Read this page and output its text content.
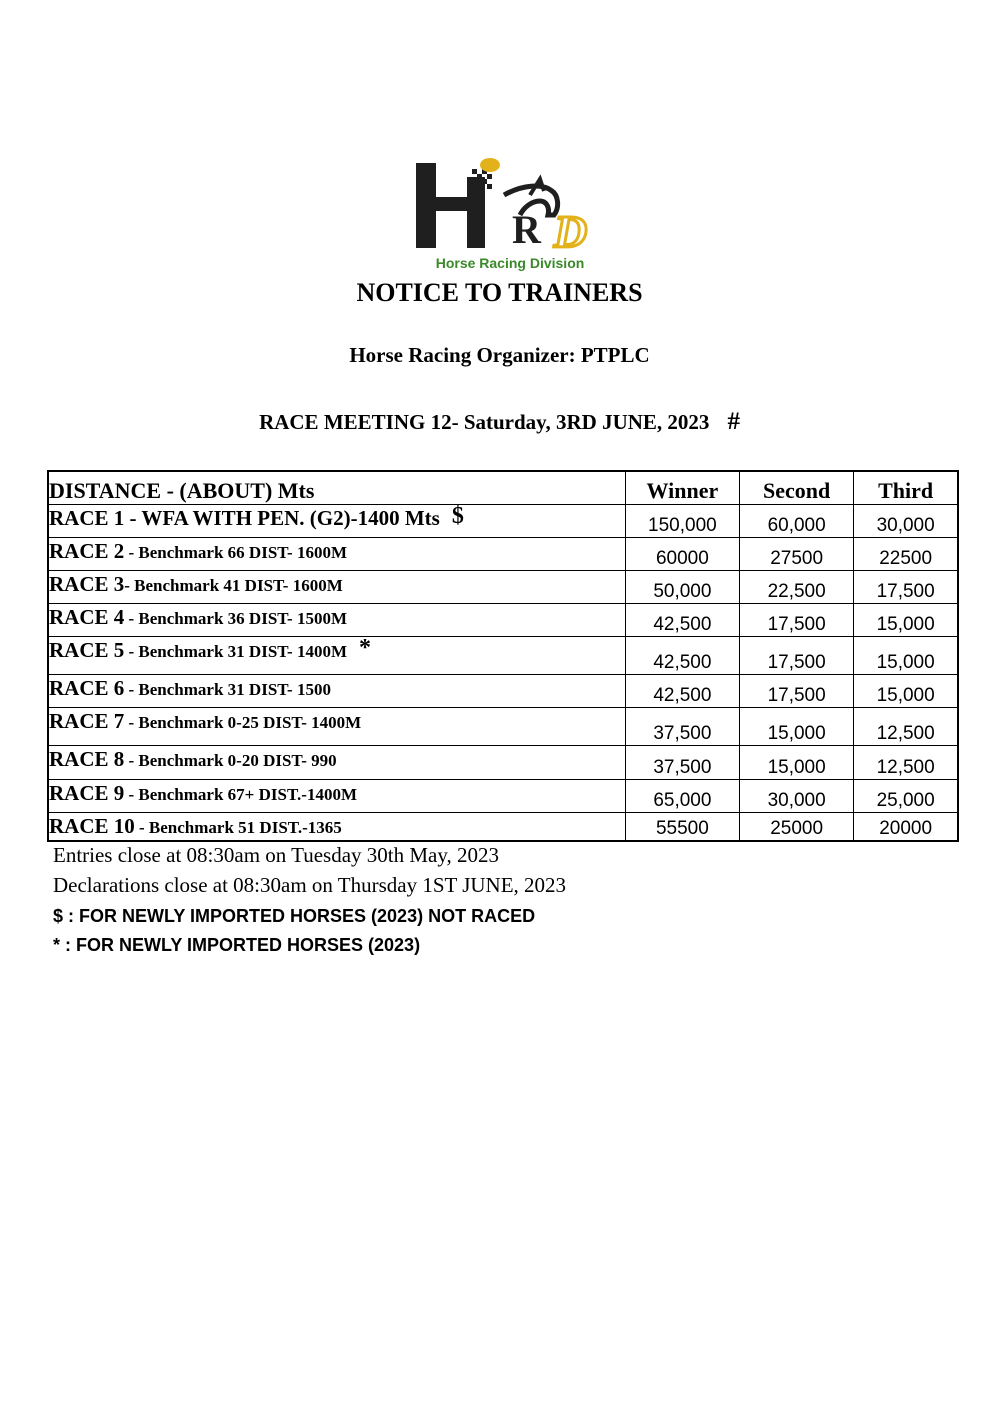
R D
Horse Racing Division
NOTICE TO TRAINERS
Horse Racing Organizer: PTPLC
RACE MEETING 12- Saturday, 3RD JUNE, 2023 #
DISTANCE - (ABOUT) Mts	Winner	Second	Third
RACE 1 - WFA WITH PEN. (G2)-1400 Mts $	150,000	60,000	30,000
RACE 2 - Benchmark 66 DIST- 1600M	60000	27500	22500
RACE 3- Benchmark 41 DIST- 1600M	50,000	22,500	17,500
RACE 4 - Benchmark 36 DIST- 1500M	42,500	17,500	15,000
RACE 5 - Benchmark 31 DIST- 1400M *	42,500	17,500	15,000
RACE 6 - Benchmark 31 DIST- 1500	42,500	17,500	15,000
RACE 7 - Benchmark 0-25 DIST- 1400M	37,500	15,000	12,500
RACE 8 - Benchmark 0-20 DIST- 990	37,500	15,000	12,500
RACE 9 - Benchmark 67+ DIST.-1400M	65,000	30,000	25,000
RACE 10 - Benchmark 51 DIST.-1365	55500	25000	20000
Entries close at 08:30am on Tuesday 30th May, 2023
Declarations close at 08:30am on Thursday 1ST JUNE, 2023
$ : FOR NEWLY IMPORTED HORSES (2023) NOT RACED
* : FOR NEWLY IMPORTED HORSES (2023)
